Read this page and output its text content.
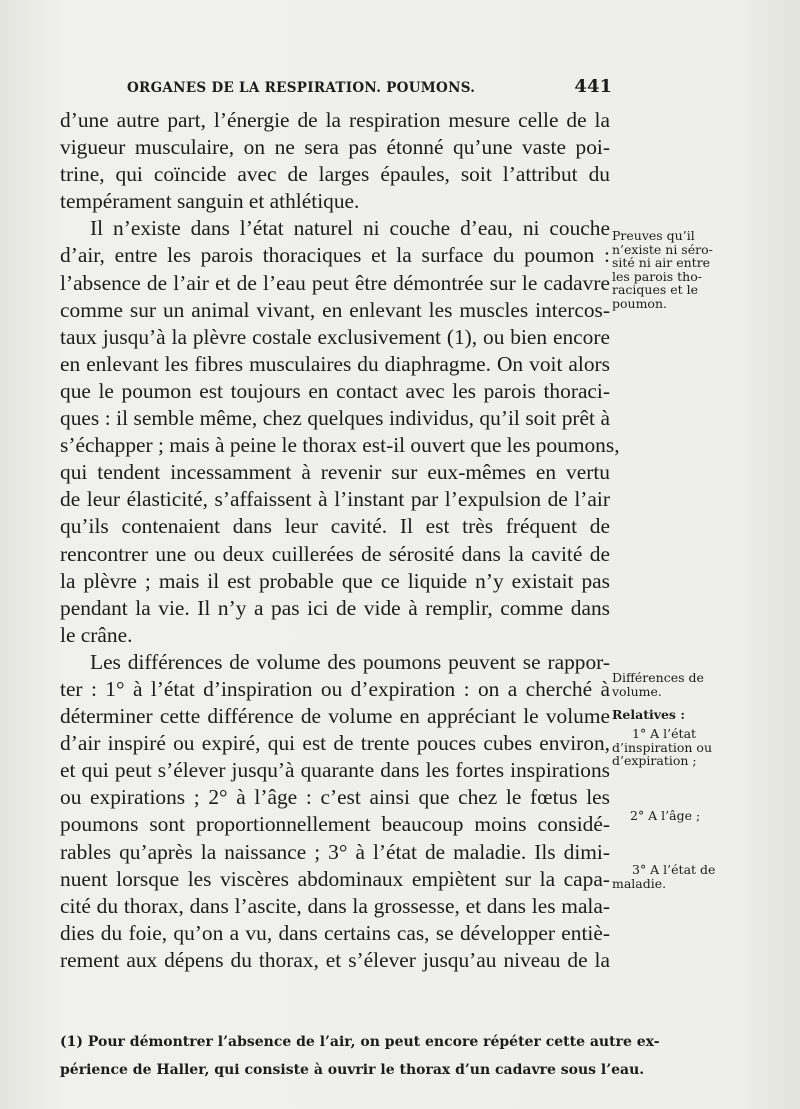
ORGANES DE LA RESPIRATION. POUMONS.	441
d’une autre part, l’énergie de la respiration mesure celle de la
vigueur musculaire, on ne sera pas étonné qu’une vaste poi-
trine, qui coïncide avec de larges épaules, soit l’attribut du
tempérament sanguin et athlétique.
Il n’existe dans l’état naturel ni couche d’eau, ni couche
d’air, entre les parois thoraciques et la surface du poumon :
l’absence de l’air et de l’eau peut être démontrée sur le cadavre
comme sur un animal vivant, en enlevant les muscles intercos-
taux jusqu’à la plèvre costale exclusivement (1), ou bien encore
en enlevant les fibres musculaires du diaphragme. On voit alors
que le poumon est toujours en contact avec les parois thoraci-
ques : il semble même, chez quelques individus, qu’il soit prêt à
s’échapper ; mais à peine le thorax est-il ouvert que les poumons,
qui tendent incessamment à revenir sur eux-mêmes en vertu
de leur élasticité, s’affaissent à l’instant par l’expulsion de l’air
qu’ils contenaient dans leur cavité. Il est très fréquent de
rencontrer une ou deux cuillerées de sérosité dans la cavité de
la plèvre ; mais il est probable que ce liquide n’y existait pas
pendant la vie. Il n’y a pas ici de vide à remplir, comme dans
le crâne.
Les différences de volume des poumons peuvent se rappor-
ter : 1° à l’état d’inspiration ou d’expiration : on a cherché à
déterminer cette différence de volume en appréciant le volume
d’air inspiré ou expiré, qui est de trente pouces cubes environ,
et qui peut s’élever jusqu’à quarante dans les fortes inspirations
ou expirations ; 2° à l’âge : c’est ainsi que chez le fœtus les
poumons sont proportionnellement beaucoup moins considé-
rables qu’après la naissance ; 3° à l’état de maladie. Ils dimi-
nuent lorsque les viscères abdominaux empiètent sur la capa-
cité du thorax, dans l’ascite, dans la grossesse, et dans les mala-
dies du foie, qu’on a vu, dans certains cas, se développer entiè-
rement aux dépens du thorax, et s’élever jusqu’au niveau de la
Preuves qu’il
n’existe ni séro-
sité ni air entre
les parois tho-
raciques et le
poumon.
Différences de
volume.
Relatives :
1° A l’état
d’inspiration ou
d’expiration ;
2° A l’âge ;
3° A l’état de
maladie.
(1) Pour démontrer l’absence de l’air, on peut encore répéter cette autre ex-
périence de Haller, qui consiste à ouvrir le thorax d’un cadavre sous l’eau.
